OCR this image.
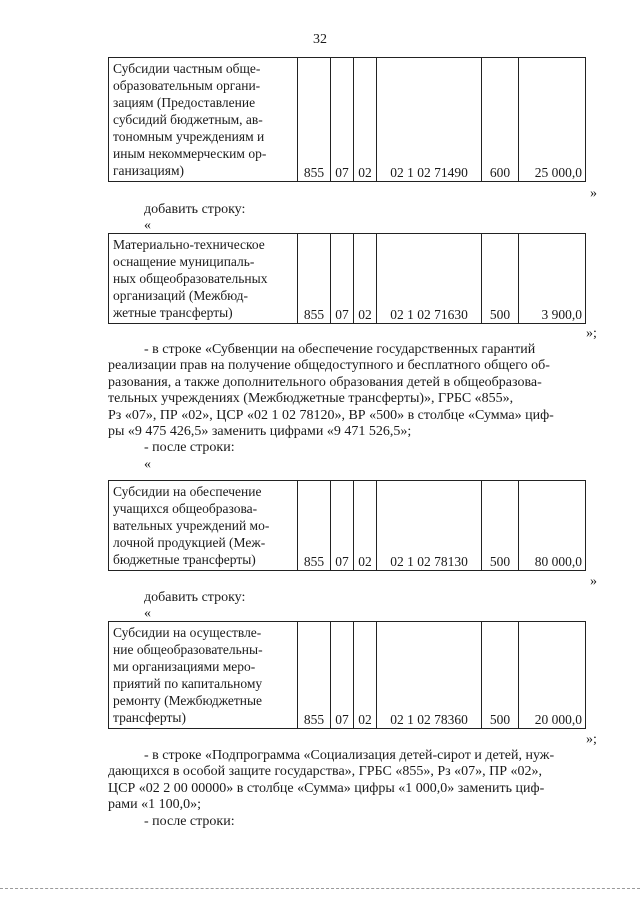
32
Субсидии частным обще-
образовательным органи-
зациям (Предоставление
субсидий бюджетным, ав-
тономным учреждениям и
иным некоммерческим ор-
ганизациям)	855	07	02	02 1 02 71490	600	25 000,0
»
добавить строку:
«
Материально-техническое
оснащение муниципаль-
ных общеобразовательных
организаций (Межбюд-
жетные трансферты)	855	07	02	02 1 02 71630	500	3 900,0
»;

- в строке «Субвенции на обеспечение государственных гарантий

реализации прав на получение общедоступного и бесплатного общего об-

разования, а также дополнительного образования детей в общеобразова-

тельных учреждениях (Межбюджетные трансферты)», ГРБС «855»,

Рз «07», ПР «02», ЦСР «02 1 02 78120», ВР «500» в столбце «Сумма» циф-

ры «9 475 426,5» заменить цифрами «9 471 526,5»;

- после строки:

«

Субсидии на обеспечение
учащихся общеобразова-
вательных учреждений мо-
лочной продукцией (Меж-
бюджетные трансферты)	855	07	02	02 1 02 78130	500	80 000,0
»
добавить строку:
«
Субсидии на осуществле-
ние общеобразовательны-
ми организациями меро-
приятий по капитальному
ремонту (Межбюджетные
трансферты)	855	07	02	02 1 02 78360	500	20 000,0
»;

- в строке «Подпрограмма «Социализация детей-сирот и детей, нуж-

дающихся в особой защите государства», ГРБС «855», Рз «07», ПР «02»,

ЦСР «02 2 00 00000» в столбце «Сумма» цифры «1 000,0» заменить циф-

рами «1 100,0»;

- после строки:
